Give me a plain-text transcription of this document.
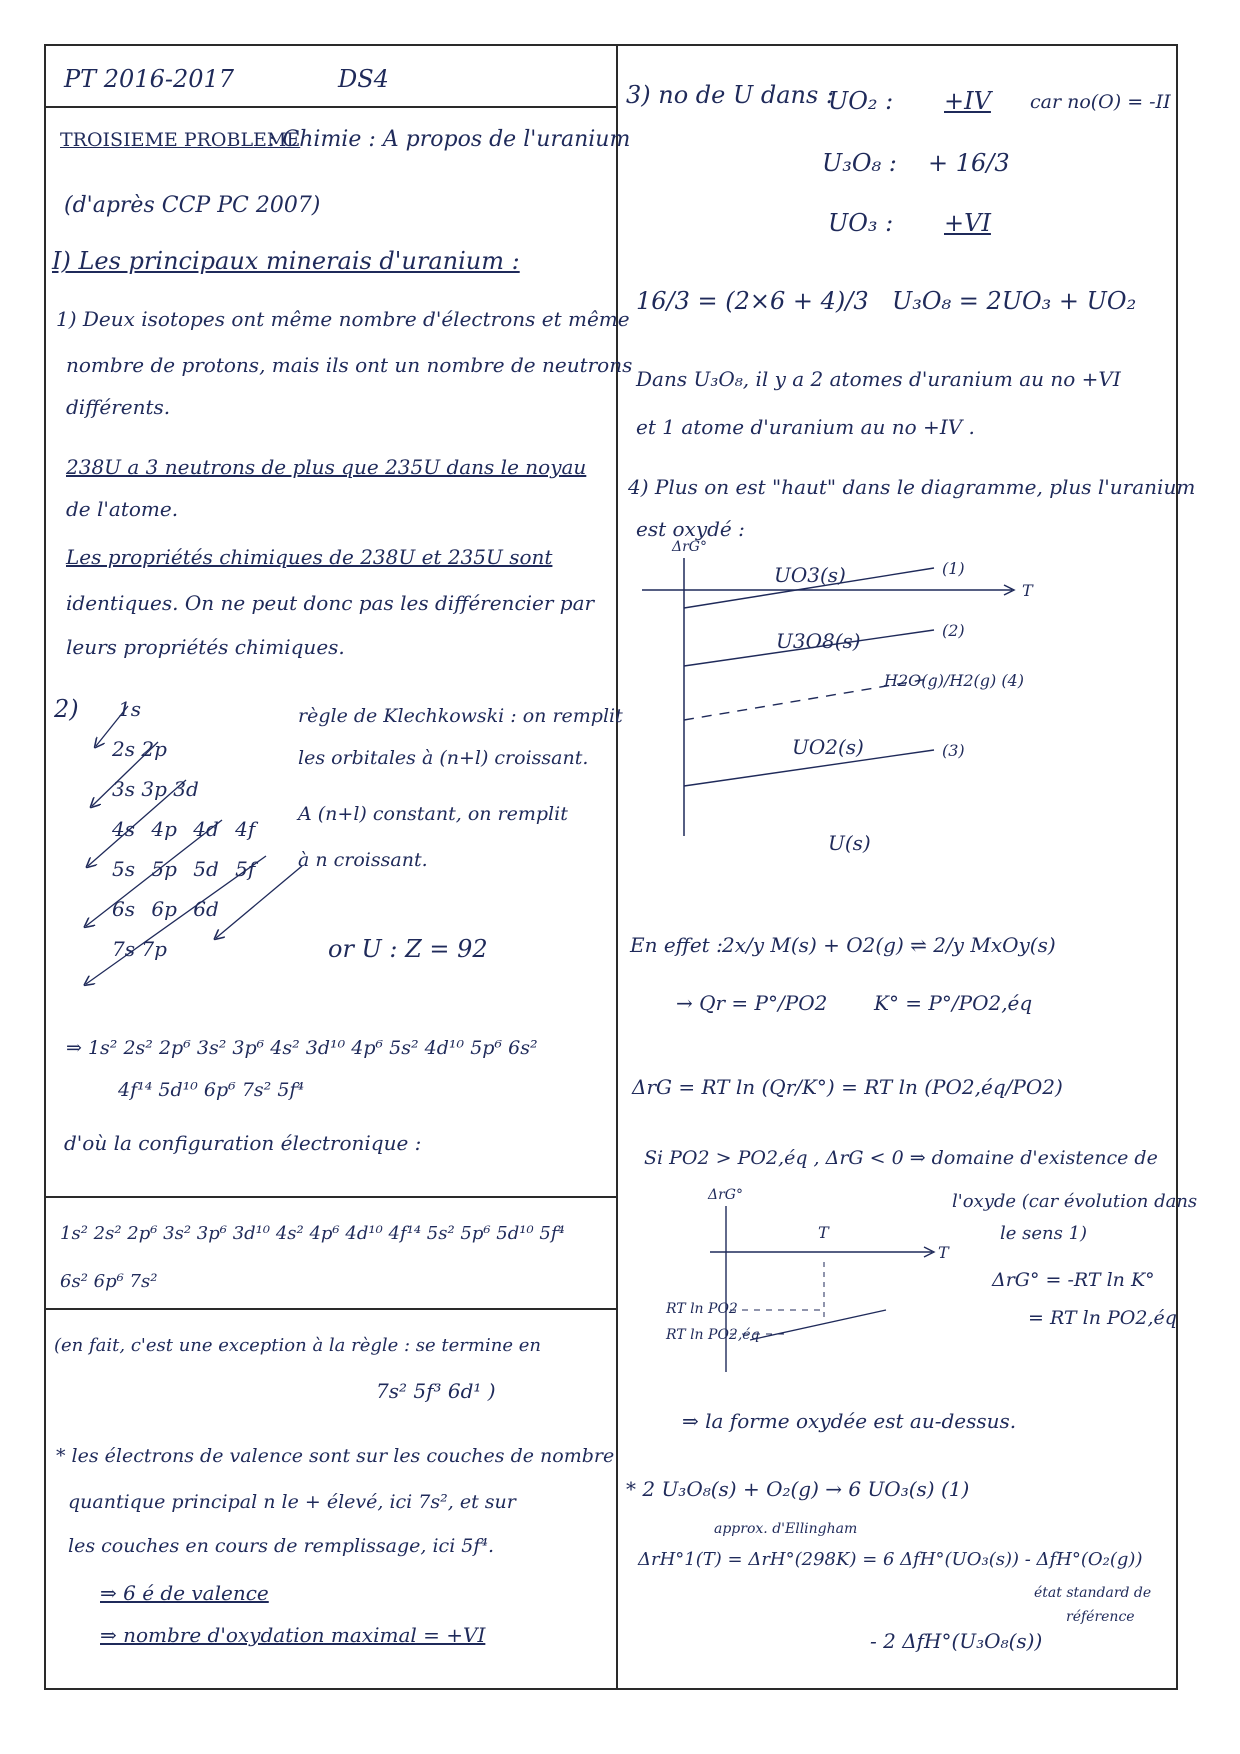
PT 2016-2017	DS4
TROISIEME PROBLEME
: Chimie : A propos de l'uranium
(d'après CCP PC 2007)
I) Les principaux minerais d'uranium :
1) Deux isotopes ont même nombre d'électrons et même
nombre de protons, mais ils ont un nombre de neutrons
différents.
238U a 3 neutrons de plus que 235U dans le noyau
de l'atome.
Les propriétés chimiques de 238U et 235U sont
identiques. On ne peut donc pas les différencier par
leurs propriétés chimiques.
2) 1s
2s 2p
3s 3p 3d
4s 4p 4d 4f
5s 5p 5d 5f
6s 6p 6d
7s 7p
règle de Klechkowski : on remplit
les orbitales à (n+l) croissant.
A (n+l) constant, on remplit
à n croissant.
or U : Z = 92
⇒ 1s² 2s² 2p⁶ 3s² 3p⁶ 4s² 3d¹⁰ 4p⁶ 5s² 4d¹⁰ 5p⁶ 6s²
4f¹⁴ 5d¹⁰ 6p⁶ 7s² 5f⁴
d'où la configuration électronique :
1s² 2s² 2p⁶ 3s² 3p⁶ 3d¹⁰ 4s² 4p⁶ 4d¹⁰ 4f¹⁴ 5s² 5p⁶ 5d¹⁰ 5f⁴
6s² 6p⁶ 7s²
(en fait, c'est une exception à la règle : se termine en
7s² 5f³ 6d¹ )
* les électrons de valence sont sur les couches de nombre
quantique principal n le + élevé, ici 7s², et sur
les couches en cours de remplissage, ici 5f⁴.
⇒ 6 é de valence
⇒ nombre d'oxydation maximal = +VI
3) no de U dans :
UO₂ : +IV car no(O) = -II
U₃O₈ : + 16/3
UO₃ : +VI
16/3 = (2×6 + 4)/3 U₃O₈ = 2UO₃ + UO₂
Dans U₃O₈, il y a 2 atomes d'uranium au no +VI
et 1 atome d'uranium au no +IV .
4) Plus on est "haut" dans le diagramme, plus l'uranium
est oxydé :
ΔrG°
T
UO3(s)
U3O8(s)
UO2(s)
U(s)
(1)
(2)
H2O(g)/H2(g) (4)
(3)
En effet : 2x/y M(s) + O2(g) ⇌ 2/y MxOy(s)
→ Qr = P°/PO2 K° = P°/PO2,éq
ΔrG = RT ln (Qr/K°) = RT ln (PO2,éq/PO2)
Si PO2 > PO2,éq , ΔrG < 0 ⇒ domaine d'existence de
l'oxyde (car évolution dans
le sens 1)
ΔrG°
T
T
RT ln PO2
RT ln PO2,éq
ΔrG° = -RT ln K°
= RT ln PO2,éq
⇒ la forme oxydée est au-dessus.
* 2 U₃O₈(s) + O₂(g) → 6 UO₃(s) (1)
approx. d'Ellingham
ΔrH°1(T) = ΔrH°(298K) = 6 ΔfH°(UO₃(s)) - ΔfH°(O₂(g))
état standard de
référence
- 2 ΔfH°(U₃O₈(s))
